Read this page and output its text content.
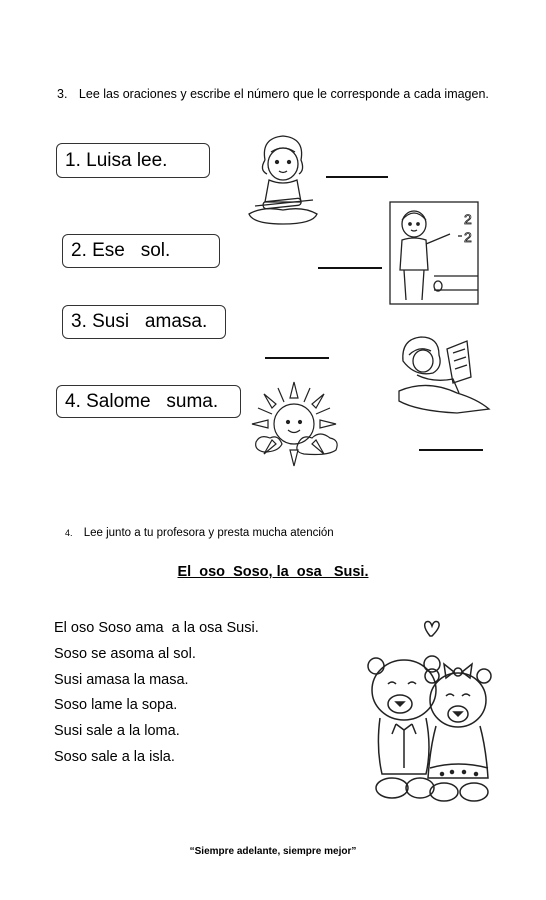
3. Lee las oraciones y escribe el número que le corresponde a cada imagen.
1. Luisa lee.
2. Ese   sol.
3. Susi   amasa.
4. Salome   suma.
2
2
4. Lee junto a tu profesora y presta mucha atención
El  oso  Soso, la  osa   Susi.
El oso Soso ama  a la osa Susi.
Soso se asoma al sol.
Susi amasa la masa.
Soso lame la sopa.
Susi sale a la loma.
Soso sale a la isla.
“Siempre adelante, siempre mejor”
